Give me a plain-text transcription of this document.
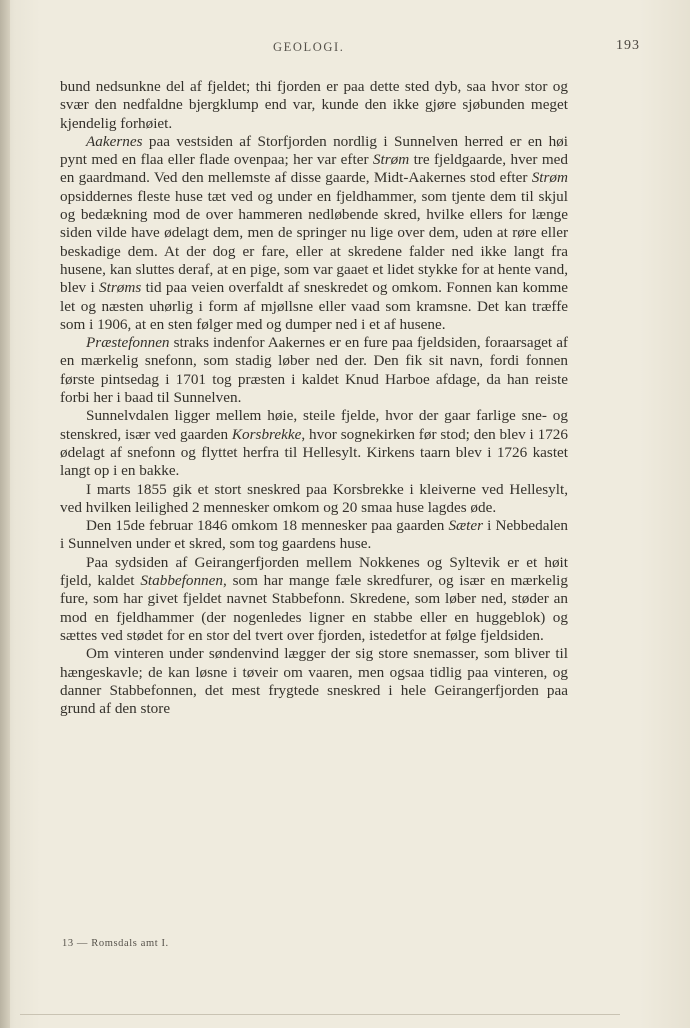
GEOLOGI.	193

bund nedsunkne del af fjeldet; thi fjorden er paa dette sted dyb, saa hvor stor og svær den nedfaldne bjergklump end var, kunde den ikke gjøre sjøbunden meget kjendelig forhøiet.

Aakernes paa vestsiden af Storfjorden nordlig i Sunnelven herred er en høi pynt med en flaa eller flade ovenpaa; her var efter Strøm tre fjeldgaarde, hver med en gaardmand. Ved den mellemste af disse gaarde, Midt-Aakernes stod efter Strøm opsiddernes fleste huse tæt ved og under en fjeldhammer, som tjente dem til skjul og bedækning mod de over hammeren nedløbende skred, hvilke ellers for længe siden vilde have ødelagt dem, men de springer nu lige over dem, uden at røre eller beskadige dem. At der dog er fare, eller at skredene falder ned ikke langt fra husene, kan sluttes deraf, at en pige, som var gaaet et lidet stykke for at hente vand, blev i Strøms tid paa veien overfaldt af sneskredet og omkom. Fonnen kan komme let og næsten uhørlig i form af mjøllsne eller vaad som kramsne. Det kan træffe som i 1906, at en sten følger med og dumper ned i et af husene.

Præstefonnen straks indenfor Aakernes er en fure paa fjeldsiden, foraarsaget af en mærkelig snefonn, som stadig løber ned der. Den fik sit navn, fordi fonnen første pintsedag i 1701 tog præsten i kaldet Knud Harboe afdage, da han reiste forbi her i baad til Sunnelven.

Sunnelvdalen ligger mellem høie, steile fjelde, hvor der gaar farlige sne- og stenskred, især ved gaarden Korsbrekke, hvor sognekirken før stod; den blev i 1726 ødelagt af snefonn og flyttet herfra til Hellesylt. Kirkens taarn blev i 1726 kastet langt op i en bakke.

I marts 1855 gik et stort sneskred paa Korsbrekke i kleiverne ved Hellesylt, ved hvilken leilighed 2 mennesker omkom og 20 smaa huse lagdes øde.

Den 15de februar 1846 omkom 18 mennesker paa gaarden Sæter i Nebbedalen i Sunnelven under et skred, som tog gaardens huse.

Paa sydsiden af Geirangerfjorden mellem Nokkenes og Syltevik er et høit fjeld, kaldet Stabbefonnen, som har mange fæle skredfurer, og især en mærkelig fure, som har givet fjeldet navnet Stabbefonn. Skredene, som løber ned, støder an mod en fjeldhammer (der nogenledes ligner en stabbe eller en huggeblok) og sættes ved stødet for en stor del tvert over fjorden, istedetfor at følge fjeldsiden.

Om vinteren under søndenvind lægger der sig store snemasser, som bliver til hængeskavle; de kan løsne i tøveir om vaaren, men ogsaa tidlig paa vinteren, og danner Stabbefonnen, det mest frygtede sneskred i hele Geirangerfjorden paa grund af den store

13 — Romsdals amt I.
